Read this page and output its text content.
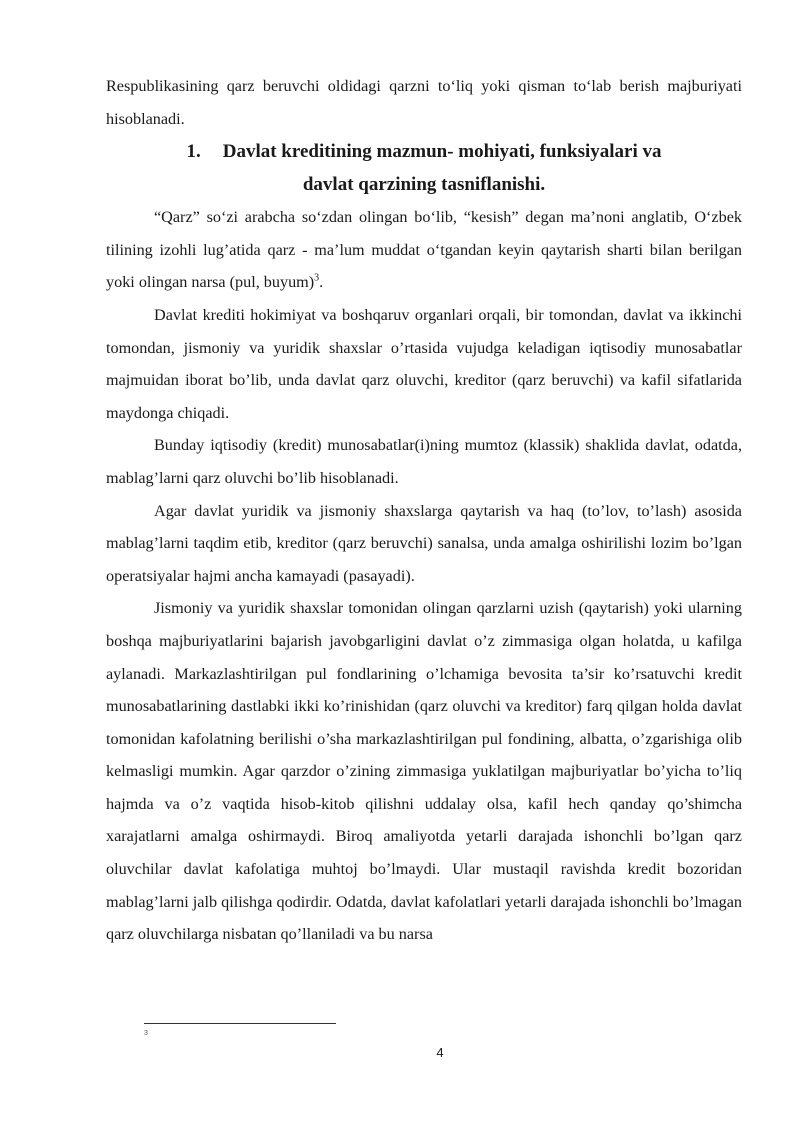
Respublikasining qarz beruvchi oldidagi qarzni to‘liq yoki qisman to‘lab berish majburiyati hisoblanadi.

1. Davlat kreditining mazmun- mohiyati, funksiyalari va

davlat qarzining tasniflanishi.

“Qarz” so‘zi arabcha so‘zdan olingan bo‘lib, “kesish” degan ma’noni anglatib, O‘zbek tilining izohli lug’atida qarz - ma’lum muddat o‘tgandan keyin qaytarish sharti bilan berilgan yoki olingan narsa (pul, buyum)$^3$.

Davlat krediti hokimiyat va boshqaruv organlari orqali, bir tomondan, davlat va ikkinchi tomondan, jismoniy va yuridik shaxslar o’rtasida vujudga keladigan iqtisodiy munosabatlar majmuidan iborat bo’lib, unda davlat qarz oluvchi, kreditor (qarz beruvchi) va kafil sifatlarida maydonga chiqadi.

Bunday iqtisodiy (kredit) munosabatlar(i)ning mumtoz (klassik) shaklida davlat, odatda, mablag’larni qarz oluvchi bo’lib hisoblanadi.

Agar davlat yuridik va jismoniy shaxslarga qaytarish va haq (to’lov, to’lash) asosida mablag’larni taqdim etib, kreditor (qarz beruvchi) sanalsa, unda amalga oshirilishi lozim bo’lgan operatsiyalar hajmi ancha kamayadi (pasayadi).

Jismoniy va yuridik shaxslar tomonidan olingan qarzlarni uzish (qaytarish) yoki ularning boshqa majburiyatlarini bajarish javobgarligini davlat o’z zimmasiga olgan holatda, u kafilga aylanadi. Markazlashtirilgan pul fondlarining o’lchamiga bevosita ta’sir ko’rsatuvchi kredit munosabatlarining dastlabki ikki ko’rinishidan (qarz oluvchi va kreditor) farq qilgan holda davlat tomonidan kafolatning berilishi o’sha markazlashtirilgan pul fondining, albatta, o’zgarishiga olib kelmasligi mumkin. Agar qarzdor o’zining zimmasiga yuklatilgan majburiyatlar bo’yicha to’liq hajmda va o’z vaqtida hisob-kitob qilishni uddalay olsa, kafil hech qanday qo’shimcha xarajatlarni amalga oshirmaydi. Biroq amaliyotda yetarli darajada ishonchli bo’lgan qarz oluvchilar davlat kafolatiga muhtoj bo’lmaydi. Ular mustaqil ravishda kredit bozoridan mablag’larni jalb qilishga qodirdir. Odatda, davlat kafolatlari yetarli darajada ishonchli bo’lmagan qarz oluvchilarga nisbatan qo’llaniladi va bu narsa

3
4
